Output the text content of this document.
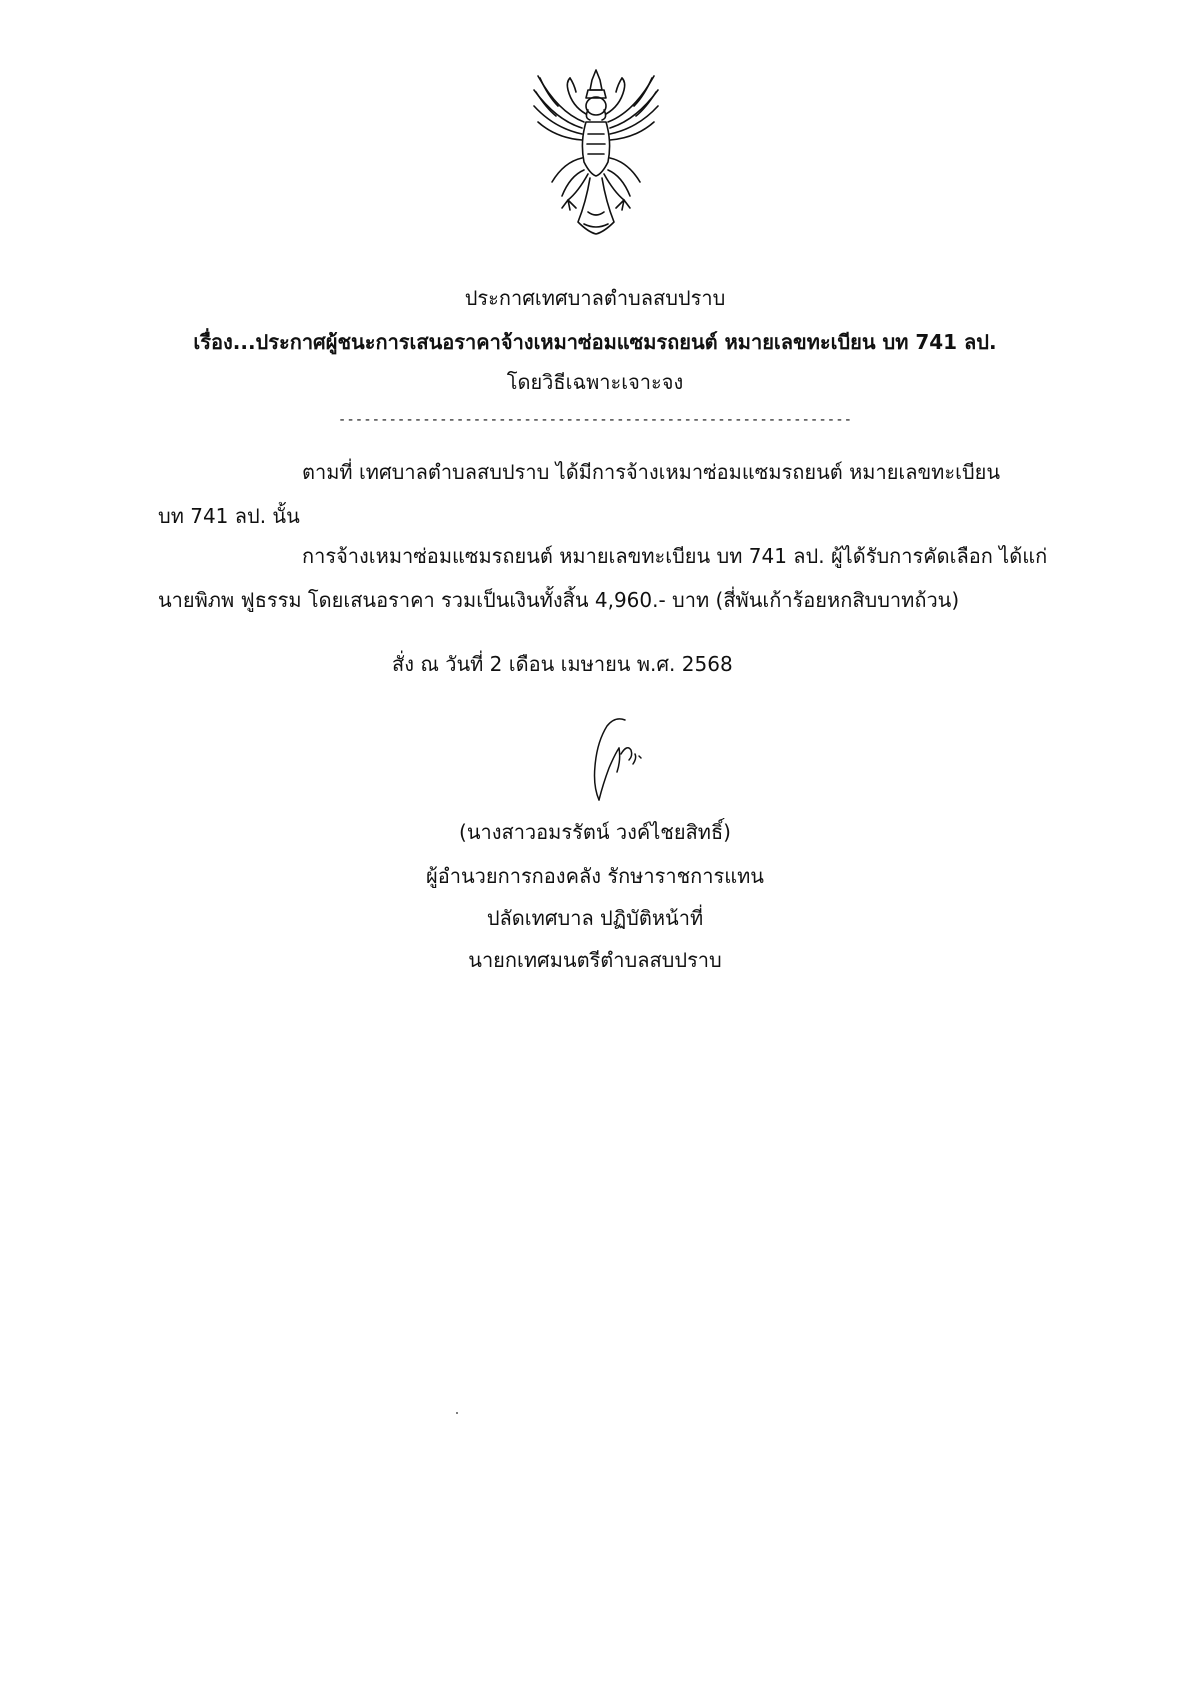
ประกาศเทศบาลตำบลสบปราบ
เรื่อง...ประกาศผู้ชนะการเสนอราคาจ้างเหมาซ่อมแซมรถยนต์ หมายเลขทะเบียน บท 741 ลป.
โดยวิธีเฉพาะเจาะจง
-------------------------------------------------------------
ตามที่ เทศบาลตำบลสบปราบ ได้มีการจ้างเหมาซ่อมแซมรถยนต์ หมายเลขทะเบียน
บท 741 ลป. นั้น
การจ้างเหมาซ่อมแซมรถยนต์ หมายเลขทะเบียน บท 741 ลป. ผู้ได้รับการคัดเลือก ได้แก่
นายพิภพ ฟูธรรม โดยเสนอราคา รวมเป็นเงินทั้งสิ้น 4,960.- บาท (สี่พันเก้าร้อยหกสิบบาทถ้วน)
สั่ง ณ วันที่ 2 เดือน เมษายน พ.ศ. 2568
(นางสาวอมรรัตน์ วงค์ไชยสิทธิ์)
ผู้อำนวยการกองคลัง รักษาราชการแทน
ปลัดเทศบาล ปฏิบัติหน้าที่
นายกเทศมนตรีตำบลสบปราบ
